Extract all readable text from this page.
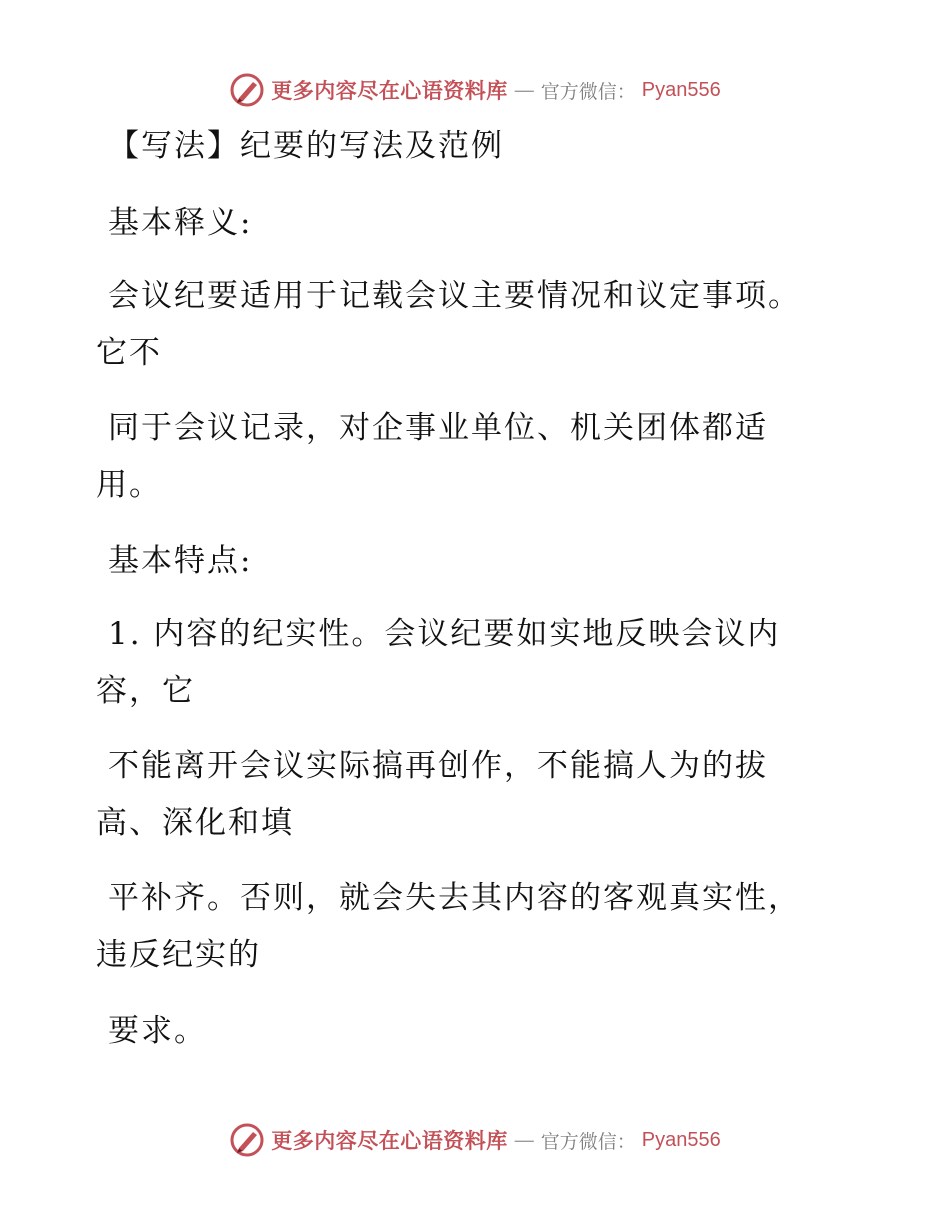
更多内容尽在心语资料库 — 官方微信： Pyan556
【写法】纪要的写法及范例
基本释义:
会议纪要适用于记载会议主要情况和议定事项。
它不
同于会议记录，对企事业单位、机关团体都适
用。
基本特点:
1. 内容的纪实性。会议纪要如实地反映会议内
容，它
不能离开会议实际搞再创作，不能搞人为的拔
高、深化和填
平补齐。否则，就会失去其内容的客观真实性，
违反纪实的
要求。
更多内容尽在心语资料库 — 官方微信： Pyan556
